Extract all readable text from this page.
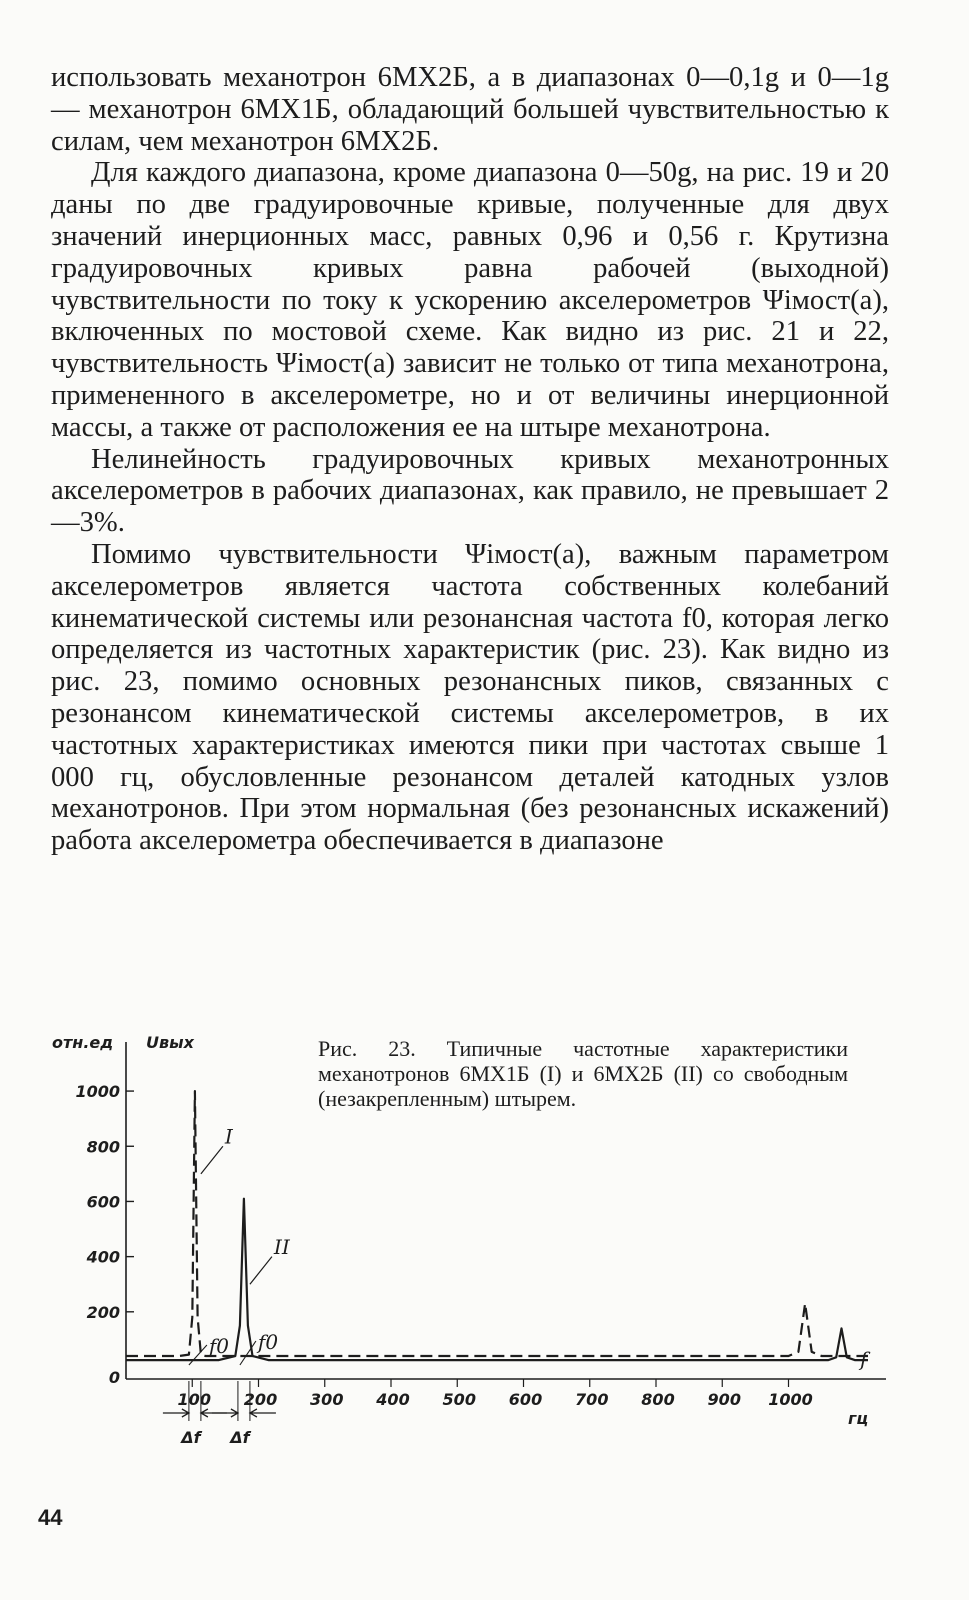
использовать механотрон 6МХ2Б, а в диапазонах 0—0,1g и 0—1g — механотрон 6МХ1Б, обладающий большей чувствительностью к силам, чем механотрон 6МХ2Б.

Для каждого диапазона, кроме диапазона 0—50g, на рис. 19 и 20 даны по две градуировочные кривые, полученные для двух значений инерционных масс, равных 0,96 и 0,56 г. Крутизна градуировочных кривых равна рабочей (выходной) чувствительности по току к ускорению акселерометров Ψiмост(a), включенных по мостовой схеме. Как видно из рис. 21 и 22, чувствительность Ψiмост(a) зависит не только от типа механотрона, примененного в акселерометре, но и от величины инерционной массы, а также от расположения ее на штыре механотрона.

Нелинейность градуировочных кривых механотронных акселерометров в рабочих диапазонах, как правило, не превышает 2—3%.

Помимо чувствительности Ψiмост(a), важным параметром акселерометров является частота собственных колебаний кинематической системы или резонансная частота f0, которая легко определяется из частотных характеристик (рис. 23). Как видно из рис. 23, помимо основных резонансных пиков, связанных с резонансом кинематической системы акселерометров, в их частотных характеристиках имеются пики при частотах свыше 1 000 гц, обусловленные резонансом деталей катодных узлов механотронов. При этом нормальная (без резонансных искажений) работа акселерометра обеспечивается в диапазоне

отн.ед Uвых
гц
f
0
200
400
600
800
1000
100 200 300 400 500 600 700 800 900 1000
I
II
f0 f0
Δf Δf
Рис. 23. Типичные частотные характеристики механотронов 6МХ1Б (I) и 6МХ2Б (II) со свободным (незакрепленным) штырем.
44
